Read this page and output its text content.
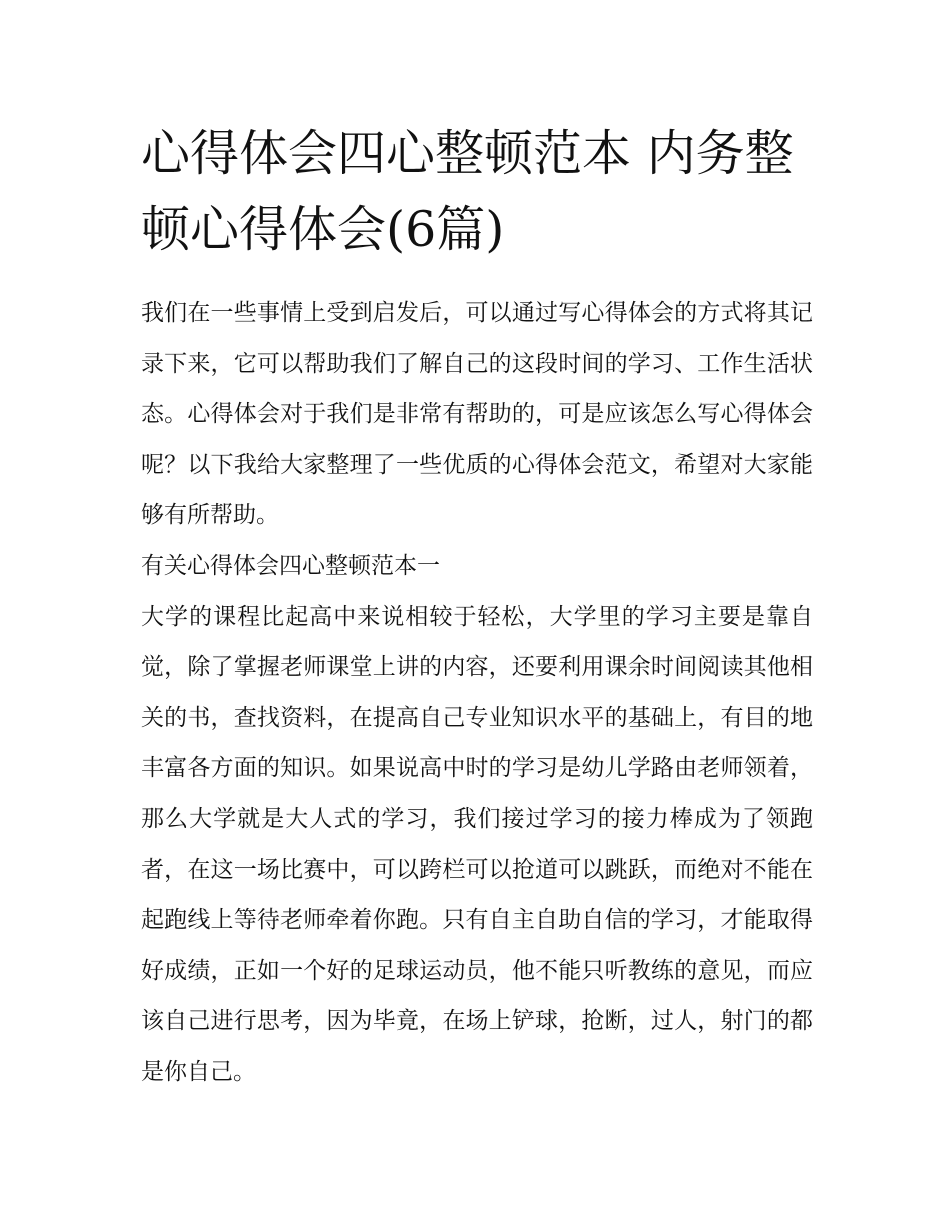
心得体会四心整顿范本 内务整顿心得体会(6篇)

我们在一些事情上受到启发后，可以通过写心得体会的方式将其记录下来，它可以帮助我们了解自己的这段时间的学习、工作生活状态。心得体会对于我们是非常有帮助的，可是应该怎么写心得体会呢？以下我给大家整理了一些优质的心得体会范文，希望对大家能够有所帮助。

有关心得体会四心整顿范本一

大学的课程比起高中来说相较于轻松，大学里的学习主要是靠自觉，除了掌握老师课堂上讲的内容，还要利用课余时间阅读其他相关的书，查找资料，在提高自己专业知识水平的基础上，有目的地丰富各方面的知识。如果说高中时的学习是幼儿学路由老师领着，那么大学就是大人式的学习，我们接过学习的接力棒成为了领跑者，在这一场比赛中，可以跨栏可以抢道可以跳跃，而绝对不能在起跑线上等待老师牵着你跑。只有自主自助自信的学习，才能取得好成绩，正如一个好的足球运动员，他不能只听教练的意见，而应该自己进行思考，因为毕竟，在场上铲球，抢断，过人，射门的都是你自己。
